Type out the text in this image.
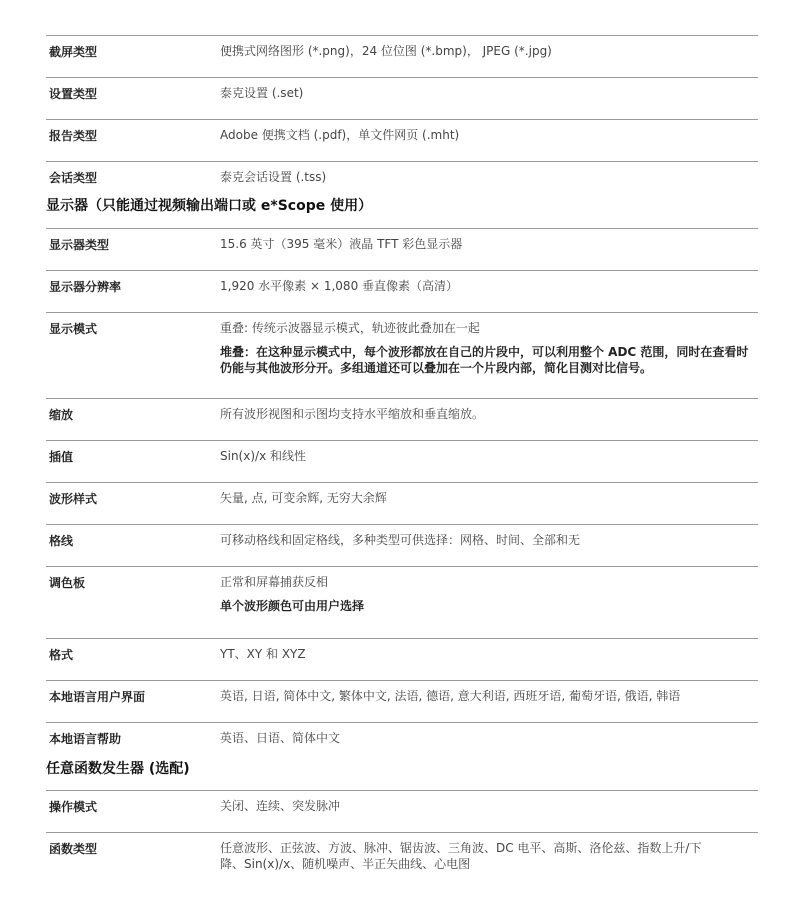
截屏类型	便携式网络图形 (*.png)，24 位位图 (*.bmp)， JPEG (*.jpg)
设置类型	泰克设置 (.set)
报告类型	Adobe 便携文档 (.pdf)，单文件网页 (.mht)
会话类型	泰克会话设置 (.tss)
显示器（只能通过视频输出端口或 e*Scope 使用）
显示器类型	15.6 英寸（395 毫米）液晶 TFT 彩色显示器
显示器分辨率	1,920 水平像素 × 1,080 垂直像素（高清）
显示模式	重叠: 传统示波器显示模式，轨迹彼此叠加在一起
堆叠：在这种显示模式中，每个波形都放在自己的片段中，可以利用整个 ADC 范围，同时在查看时仍能与其他波形分开。多组通道还可以叠加在一个片段内部，简化目测对比信号。
缩放	所有波形视图和示图均支持水平缩放和垂直缩放。
插值	Sin(x)/x 和线性
波形样式	矢量, 点, 可变余辉, 无穷大余辉
格线	可移动格线和固定格线，多种类型可供选择：网格、时间、全部和无
调色板	正常和屏幕捕获反相
单个波形颜色可由用户选择
格式	YT、XY 和 XYZ
本地语言用户界面	英语, 日语, 简体中文, 繁体中文, 法语, 德语, 意大利语, 西班牙语, 葡萄牙语, 俄语, 韩语
本地语言帮助	英语、日语、简体中文
任意函数发生器 (选配)
操作模式	关闭、连续、突发脉冲
函数类型	任意波形、正弦波、方波、脉冲、锯齿波、三角波、DC 电平、高斯、洛伦兹、指数上升/下
降、Sin(x)/x、随机噪声、半正矢曲线、心电图
